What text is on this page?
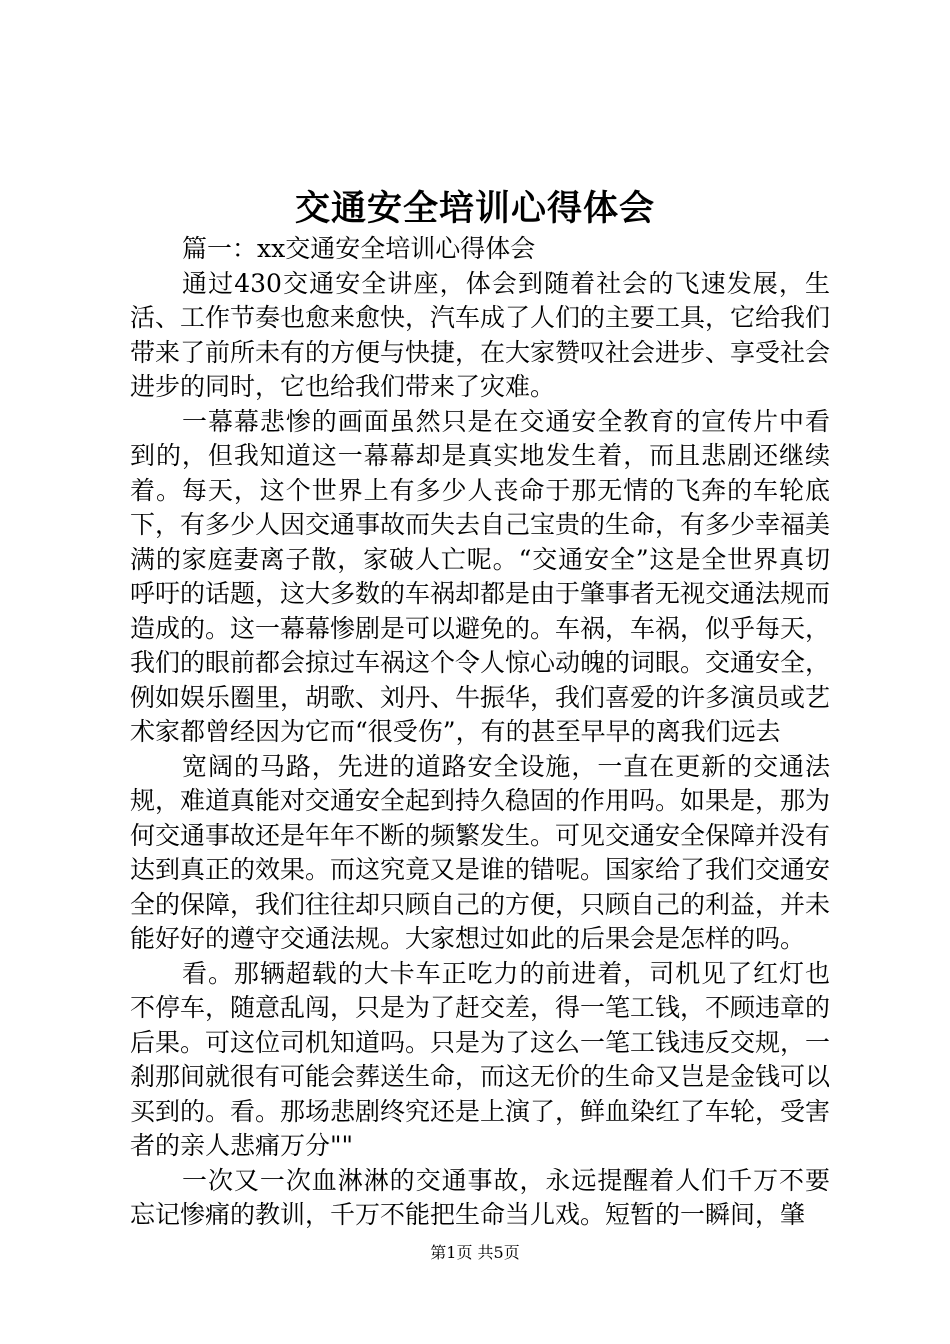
交通安全培训心得体会

篇一：xx交通安全培训心得体会

通过430交通安全讲座，体会到随着社会的飞速发展，生活、工作节奏也愈来愈快，汽车成了人们的主要工具，它给我们带来了前所未有的方便与快捷，在大家赞叹社会进步、享受社会进步的同时，它也给我们带来了灾难。

一幕幕悲惨的画面虽然只是在交通安全教育的宣传片中看到的，但我知道这一幕幕却是真实地发生着，而且悲剧还继续着。每天，这个世界上有多少人丧命于那无情的飞奔的车轮底下，有多少人因交通事故而失去自己宝贵的生命，有多少幸福美满的家庭妻离子散，家破人亡呢。“交通安全”这是全世界真切呼吁的话题，这大多数的车祸却都是由于肇事者无视交通法规而造成的。这一幕幕惨剧是可以避免的。车祸，车祸，似乎每天，我们的眼前都会掠过车祸这个令人惊心动魄的词眼。交通安全，例如娱乐圈里，胡歌、刘丹、牛振华，我们喜爱的许多演员或艺术家都曾经因为它而“很受伤”，有的甚至早早的离我们远去

宽阔的马路，先进的道路安全设施，一直在更新的交通法规，难道真能对交通安全起到持久稳固的作用吗。如果是，那为何交通事故还是年年不断的频繁发生。可见交通安全保障并没有达到真正的效果。而这究竟又是谁的错呢。国家给了我们交通安全的保障，我们往往却只顾自己的方便，只顾自己的利益，并未能好好的遵守交通法规。大家想过如此的后果会是怎样的吗。

看。那辆超载的大卡车正吃力的前进着，司机见了红灯也不停车，随意乱闯，只是为了赶交差，得一笔工钱，不顾违章的后果。可这位司机知道吗。只是为了这么一笔工钱违反交规，一刹那间就很有可能会葬送生命，而这无价的生命又岂是金钱可以买到的。看。那场悲剧终究还是上演了，鲜血染红了车轮，受害者的亲人悲痛万分""

一次又一次血淋淋的交通事故，永远提醒着人们千万不要忘记惨痛的教训，千万不能把生命当儿戏。短暂的一瞬间，肇

第1页 共5页
